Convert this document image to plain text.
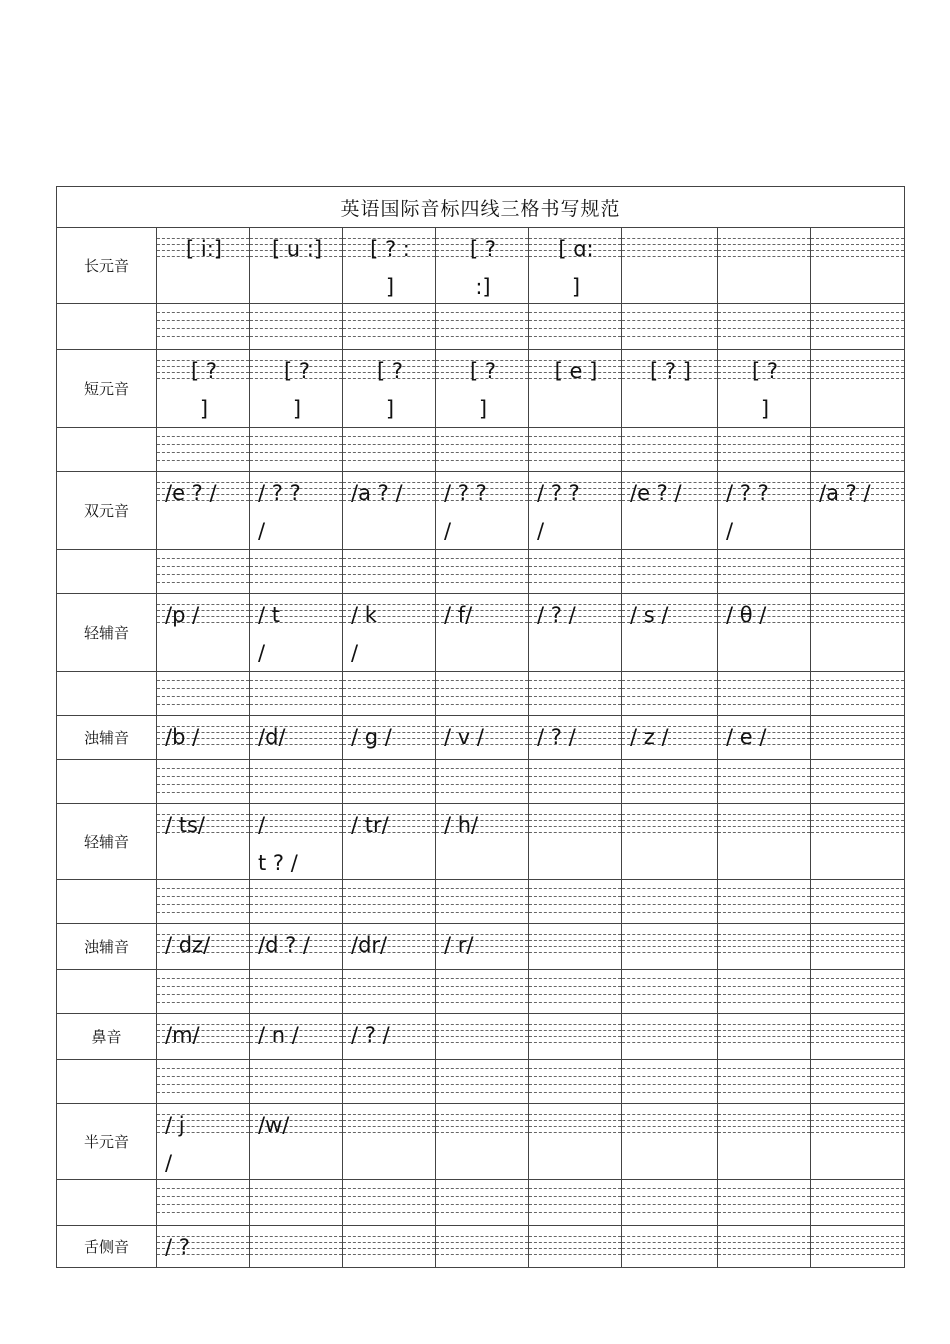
英语国际音标四线三格书写规范								
长元音	[ i:]	[ u :]	[ ? :
]	[ ?
:]	[ ɑ:
]			

短元音	[ ?
]	[ ?
]	[ ?
]	[ ?
]	[ e ]	[ ? ]	[ ?
]	

双元音	/e ? /	/ ? ?
/	/a ? /	/ ? ?
/	/ ? ?
/	/e ? /	/ ? ?
/	/a ? /

轻辅音	/p /	/ t
/	/ k
/	/ f/	/ ? /	/ s /	/ θ /	

浊辅音	/b /	/d/	/ g /	/ v /	/ ? /	/ z /	/ e /	

轻辅音	/ ts/	/
t ? /	/ tr/	/ h/				

浊辅音	/ dz/	/d ? /	/dr/	/ r/				

鼻音	/m/	/ n /	/ ? /					

半元音	/ j
/	/w/						

舌侧音	/ ?							
